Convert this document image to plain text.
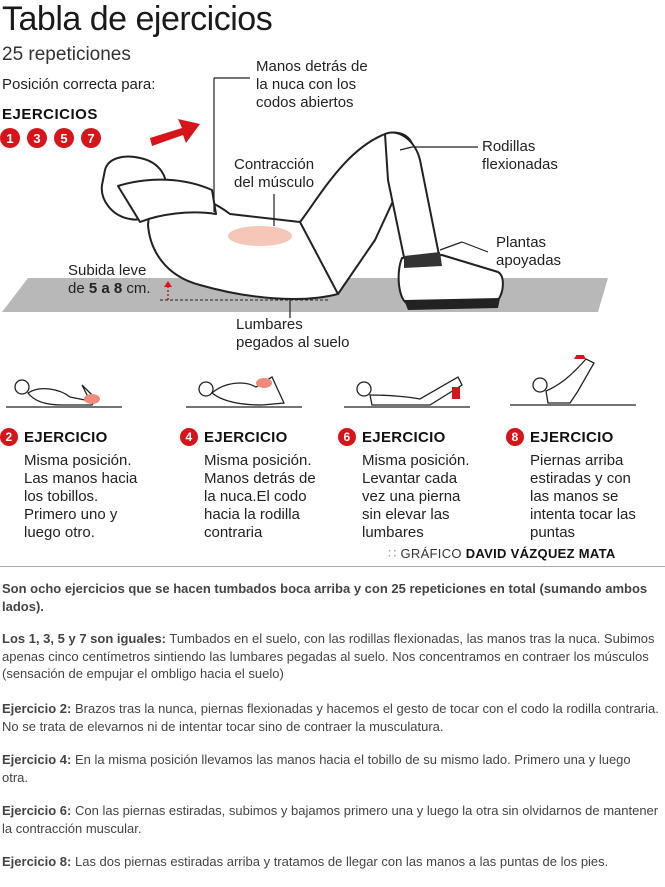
Tabla de ejercicios
25 repeticiones
Posición correcta para:
EJERCICIOS
1	3	5	7
Manos detrás de
la nuca con los
codos abiertos
Rodillas
flexionadas
Contracción
del músculo
Plantas
apoyadas
Subida leve
de 5 a 8 cm.
Lumbares
pegados al suelo
2 EJERCICIO
Misma posición.
Las manos hacia
los tobillos.
Primero uno y
luego otro.
4 EJERCICIO
Misma posición.
Manos detrás de
la nuca.El codo
hacia la rodilla
contraria
6 EJERCICIO
Misma posición.
Levantar cada
vez una pierna
sin elevar las
lumbares
8 EJERCICIO
Piernas arriba
estiradas y con
las manos se
intenta tocar las
puntas
∷ GRÁFICO DAVID VÁZQUEZ MATA
Son ocho ejercicios que se hacen tumbados boca arriba y con 25 repeticiones en total (sumando ambos lados).
Los 1, 3, 5 y 7 son iguales: Tumbados en el suelo, con las rodillas flexionadas, las manos tras la nuca. Subimos apenas cinco centímetros sintiendo las lumbares pegadas al suelo. Nos concentramos en contraer los músculos (sensación de empujar el ombligo hacia el suelo)
Ejercicio 2: Brazos tras la nunca, piernas flexionadas y hacemos el gesto de tocar con el codo la rodilla contraria. No se trata de elevarnos ni de intentar tocar sino de contraer la musculatura.
Ejercicio 4: En la misma posición llevamos las manos hacia el tobillo de su mismo lado. Primero una y luego otra.
Ejercicio 6: Con las piernas estiradas, subimos y bajamos primero una y luego la otra sin olvidarnos de mantener la contracción muscular.
Ejercicio 8: Las dos piernas estiradas arriba y tratamos de llegar con las manos a las puntas de los pies.
